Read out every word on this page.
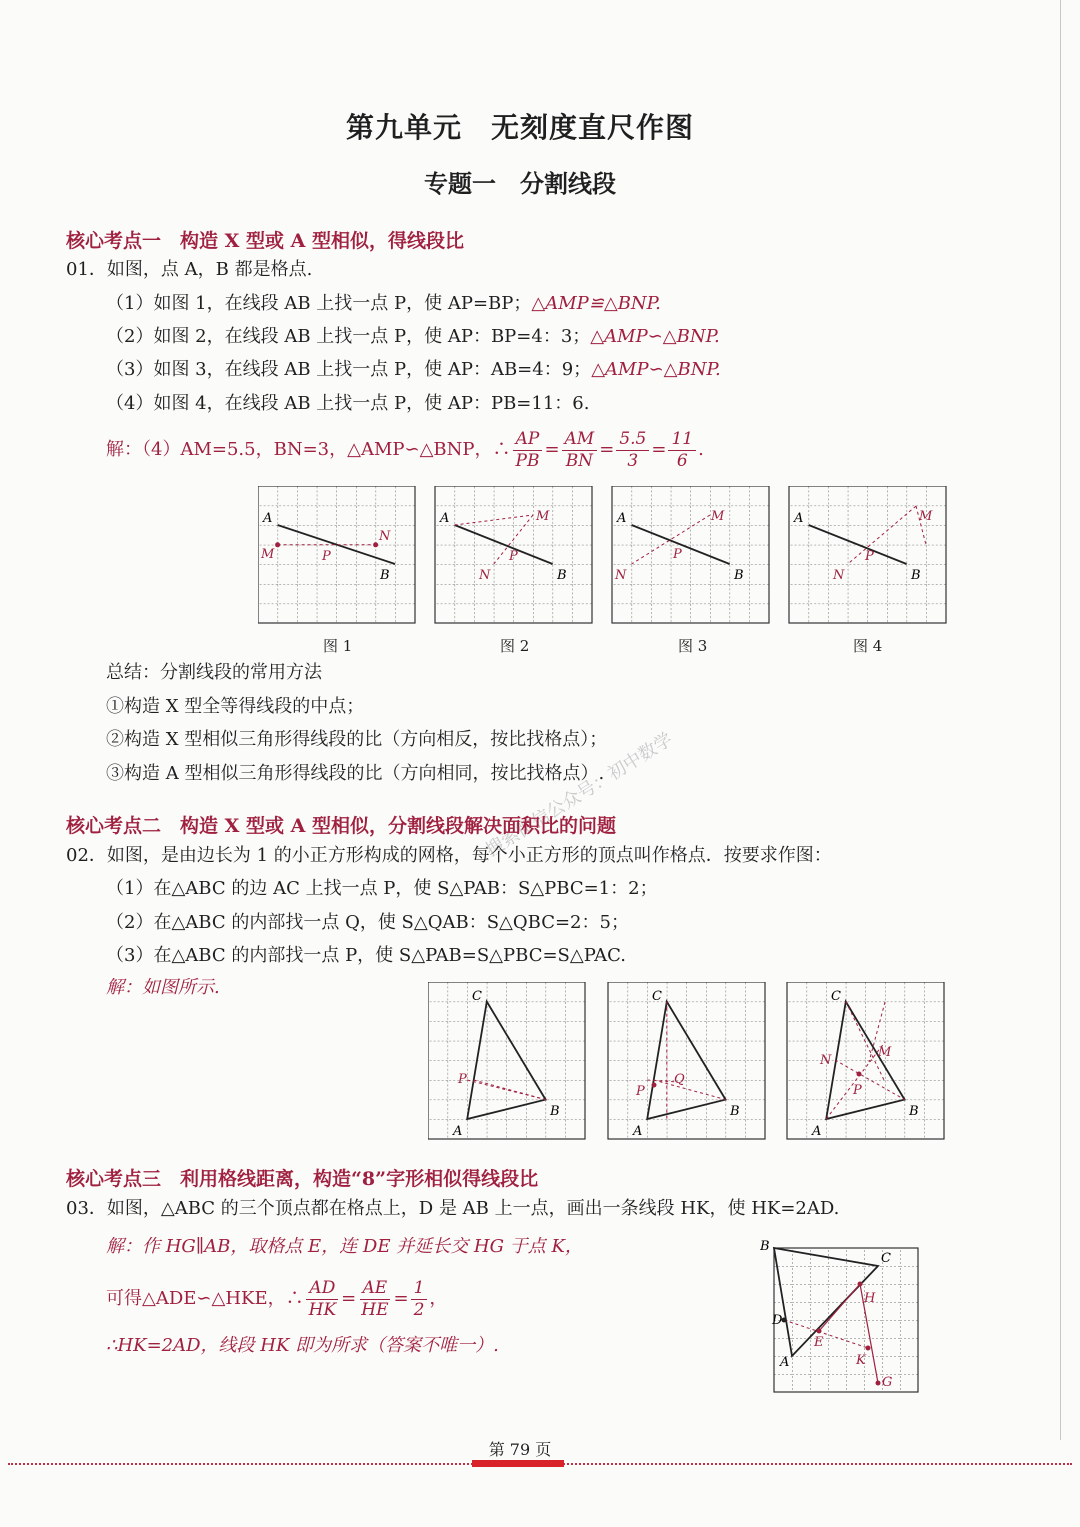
第九单元　无刻度直尺作图
专题一　分割线段
核心考点一　构造 X 型或 A 型相似，得线段比
01．如图，点 A，B 都是格点.
（1）如图 1，在线段 AB 上找一点 P，使 AP=BP；△AMP≌△BNP.
（2）如图 2，在线段 AB 上找一点 P，使 AP：BP=4：3；△AMP∽△BNP.
（3）如图 3，在线段 AB 上找一点 P，使 AP：AB=4：9；△AMP∽△BNP.
（4）如图 4，在线段 AB 上找一点 P，使 AP：PB=11：6.
解：（4）AM=5.5，BN=3，△AMP∽△BNP，∴ $\frac{AP}{PB} = \frac{AM}{BN} = \frac{5.5}{3} = \frac{11}{6}$ .
A
M	P
N
B
A	M
P
N	B
A	M
P
N	B
A	M
P
N	B
图 1	图 2	图 3	图 4
总结：分割线段的常用方法
①构造 X 型全等得线段的中点；
②构造 X 型相似三角形得线段的比（方向相反，按比找格点）；
③构造 A 型相似三角形得线段的比（方向相同，按比找格点）.
搜索微信公众号：初中数学
核心考点二　构造 X 型或 A 型相似，分割线段解决面积比的问题
02．如图，是由边长为 1 的小正方形构成的网格，每个小正方形的顶点叫作格点．按要求作图：
（1）在△ABC 的边 AC 上找一点 P，使 S△PAB：S△PBC=1：2；
（2）在△ABC 的内部找一点 Q，使 S△QAB：S△QBC=2：5；
（3）在△ABC 的内部找一点 P，使 S△PAB=S△PBC=S△PAC.
解：如图所示.	C
P
B
A
C
P
Q
B
A
C
N
M
P
B
A
核心考点三　利用格线距离，构造“8”字形相似得线段比
03．如图，△ABC 的三个顶点都在格点上，D 是 AB 上一点，画出一条线段 HK，使 HK=2AD.
解：作 HG∥AB，取格点 E，连 DE 并延长交 HG 于点 K，
可得△ADE∽△HKE，∴ $\frac{AD}{HK} = \frac{AE}{HE} = \frac{1}{2}$ ，
∴HK=2AD，线段 HK 即为所求（答案不唯一）.
B
C
H
D
E
K
A
G
第 79 页
